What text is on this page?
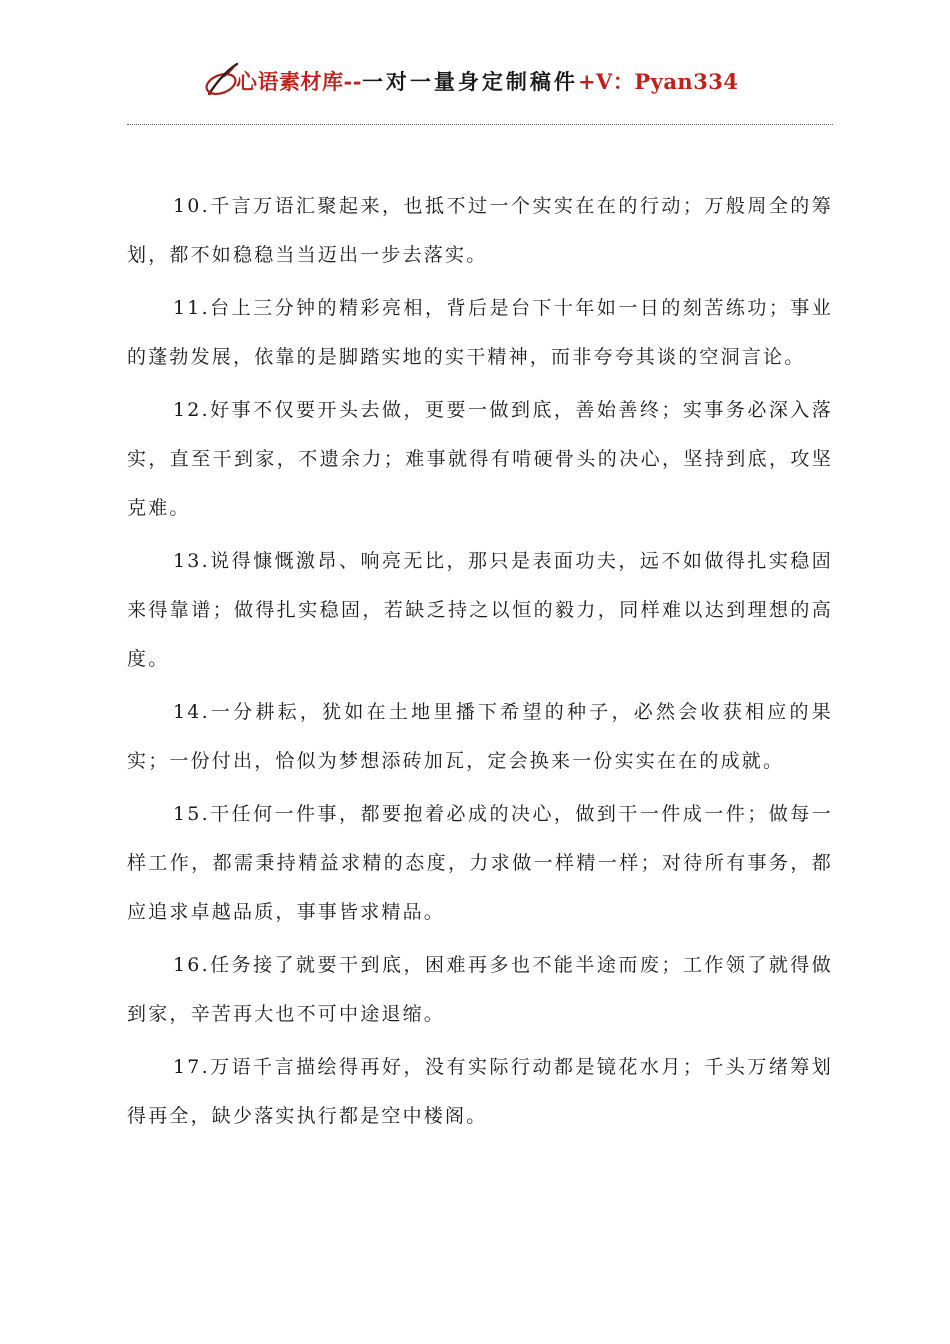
心语素材库--一对一量身定制稿件+V：Pyan334

10.千言万语汇聚起来，也抵不过一个实实在在的行动；万般周全的筹划，都不如稳稳当当迈出一步去落实。

11.台上三分钟的精彩亮相，背后是台下十年如一日的刻苦练功；事业的蓬勃发展，依靠的是脚踏实地的实干精神，而非夸夸其谈的空洞言论。

12.好事不仅要开头去做，更要一做到底，善始善终；实事务必深入落实，直至干到家，不遗余力；难事就得有啃硬骨头的决心，坚持到底，攻坚克难。

13.说得慷慨激昂、响亮无比，那只是表面功夫，远不如做得扎实稳固来得靠谱；做得扎实稳固，若缺乏持之以恒的毅力，同样难以达到理想的高度。

14.一分耕耘，犹如在土地里播下希望的种子，必然会收获相应的果实；一份付出，恰似为梦想添砖加瓦，定会换来一份实实在在的成就。

15.干任何一件事，都要抱着必成的决心，做到干一件成一件；做每一样工作，都需秉持精益求精的态度，力求做一样精一样；对待所有事务，都应追求卓越品质，事事皆求精品。

16.任务接了就要干到底，困难再多也不能半途而废；工作领了就得做到家，辛苦再大也不可中途退缩。

17.万语千言描绘得再好，没有实际行动都是镜花水月；千头万绪筹划得再全，缺少落实执行都是空中楼阁。
